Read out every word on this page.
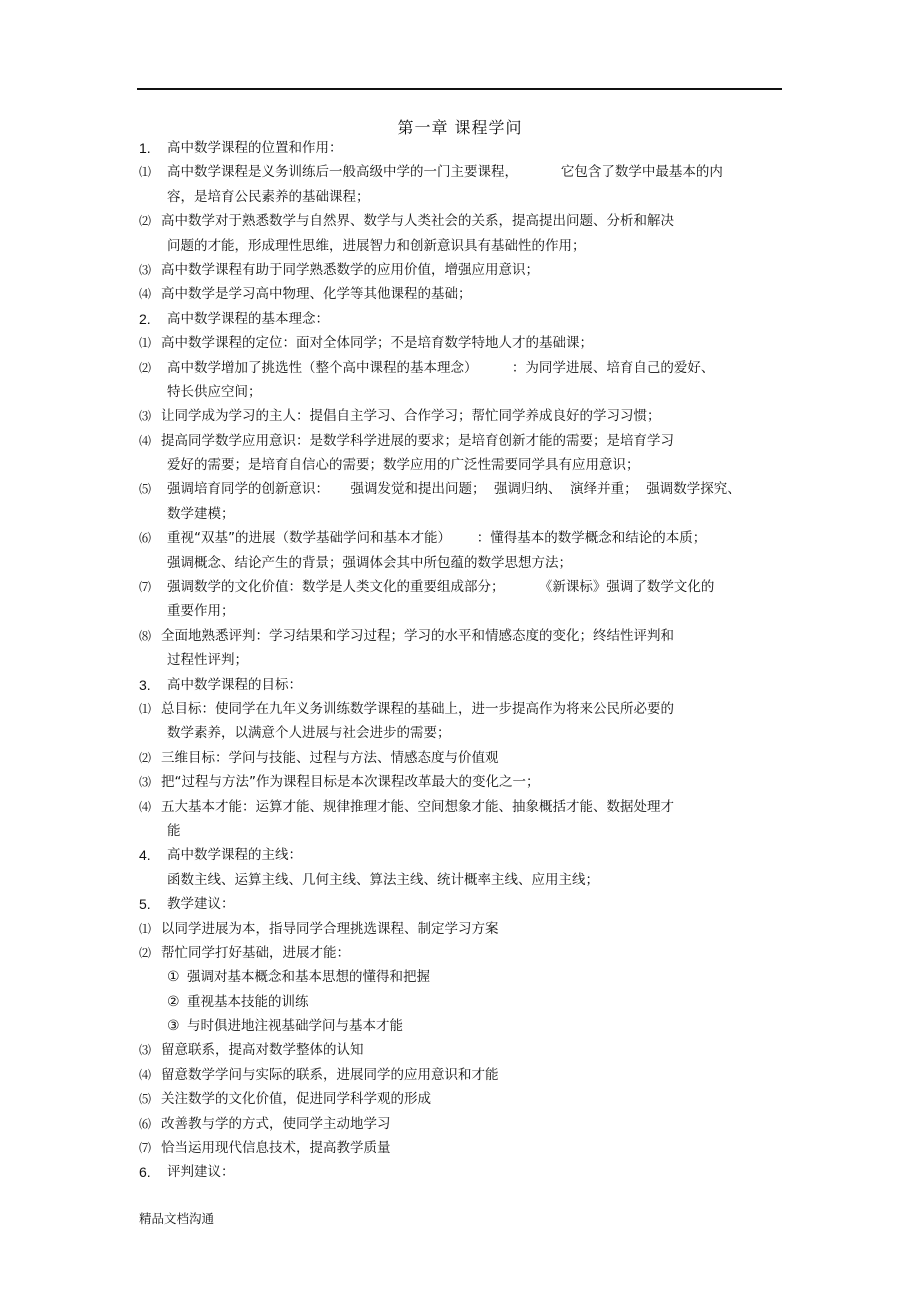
第一章 课程学问
1. 高中数学课程的位置和作用：
⑴ 高中数学课程是义务训练后一般高级中学的一门主要课程，          它包含了数学中最基本的内
容，是培育公民素养的基础课程；
⑵ 高中数学对于熟悉数学与自然界、数学与人类社会的关系，提高提出问题、分析和解决
问题的才能，形成理性思维，进展智力和创新意识具有基础性的作用；
⑶ 高中数学课程有助于同学熟悉数学的应用价值，增强应用意识；
⑷ 高中数学是学习高中物理、化学等其他课程的基础；
2. 高中数学课程的基本理念：
⑴ 高中数学课程的定位：面对全体同学；不是培育数学特地人才的基础课；
⑵ 高中数学增加了挑选性（整个高中课程的基本理念）        ：为同学进展、培育自己的爱好、
特长供应空间；
⑶ 让同学成为学习的主人：提倡自主学习、合作学习；帮忙同学养成良好的学习习惯；
⑷ 提高同学数学应用意识：是数学科学进展的要求；是培育创新才能的需要；是培育学习
爱好的需要；是培育自信心的需要；数学应用的广泛性需要同学具有应用意识；
⑸ 强调培育同学的创新意识：     强调发觉和提出问题；  强调归纳、  演绎并重；  强调数学探究、
数学建模；
⑹ 重视“双基”的进展（数学基础学问和基本才能）      ：懂得基本的数学概念和结论的本质；
强调概念、结论产生的背景；强调体会其中所包蕴的数学思想方法；
⑺ 强调数学的文化价值：数学是人类文化的重要组成部分；        《新课标》强调了数学文化的
重要作用；
⑻ 全面地熟悉评判：学习结果和学习过程；学习的水平和情感态度的变化；终结性评判和
过程性评判；
3. 高中数学课程的目标：
⑴ 总目标：使同学在九年义务训练数学课程的基础上，进一步提高作为将来公民所必要的
数学素养，以满意个人进展与社会进步的需要；
⑵ 三维目标：学问与技能、过程与方法、情感态度与价值观
⑶ 把“过程与方法”作为课程目标是本次课程改革最大的变化之一；
⑷ 五大基本才能：运算才能、规律推理才能、空间想象才能、抽象概括才能、数据处理才
能
4. 高中数学课程的主线：
函数主线、运算主线、几何主线、算法主线、统计概率主线、应用主线；
5. 教学建议：
⑴ 以同学进展为本，指导同学合理挑选课程、制定学习方案
⑵ 帮忙同学打好基础，进展才能：
① 强调对基本概念和基本思想的懂得和把握
② 重视基本技能的训练
③ 与时俱进地注视基础学问与基本才能
⑶ 留意联系，提高对数学整体的认知
⑷ 留意数学学问与实际的联系，进展同学的应用意识和才能
⑸ 关注数学的文化价值，促进同学科学观的形成
⑹ 改善教与学的方式，使同学主动地学习
⑺ 恰当运用现代信息技术，提高教学质量
6. 评判建议：
精品文档沟通
